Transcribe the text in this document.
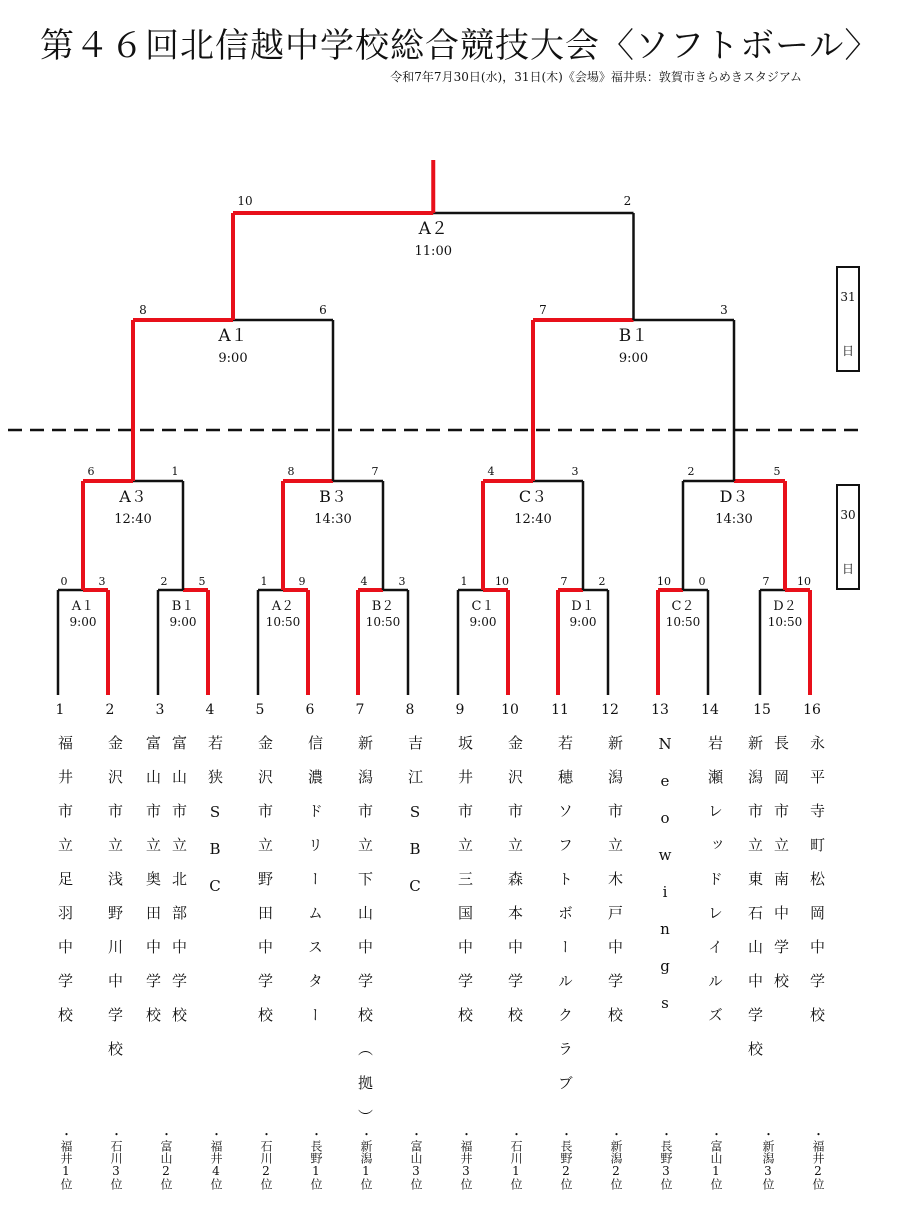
第４６回北信越中学校総合競技大会〈ソフトボール〉
令和7年7月30日(水)，31日(木)《会場》福井県：敦賀市きらめきスタジアム
0	3
A１
9:00
2	5
B１
9:00
1	9
A２
10:50
4	3
B２
10:50
1	10
C１
9:00
7	2
D１
9:00
10	0
C２
10:50
7	10
D２
10:50
6	1
A３
12:40
8	7
B３
14:30
4	3
C３
12:40
2	5
D３
14:30
8	6
A１
9:00
7	3
B１
9:00
10	2
A２
11:00
31
日
30
日
1	2	3	4	5	6	7	8	9	10 11 12 13 14 15 16
福井市立足羽中学校	金沢市立浅野川中学校	富山市立奥田中学校 富山市立北部中学校	若狭SBC	金沢市立野田中学校	信濃ドリームスター	新潟市立下山中学校（拠）	吉江SBC	坂井市立三国中学校	金沢市立森本中学校	若穂ソフトボールクラブ	新潟市立木戸中学校	Neowings	岩瀬レッドレイルズ	新潟市立東石山中学校 長岡市立南中学校	永平寺町松岡中学校
・福井1位	・石川3位	・富山2位	・福井4位	・石川2位	・長野1位	・新潟1位	・富山3位	・福井3位	・石川1位	・長野2位	・新潟2位	・長野3位	・富山1位	・新潟3位	・福井2位
